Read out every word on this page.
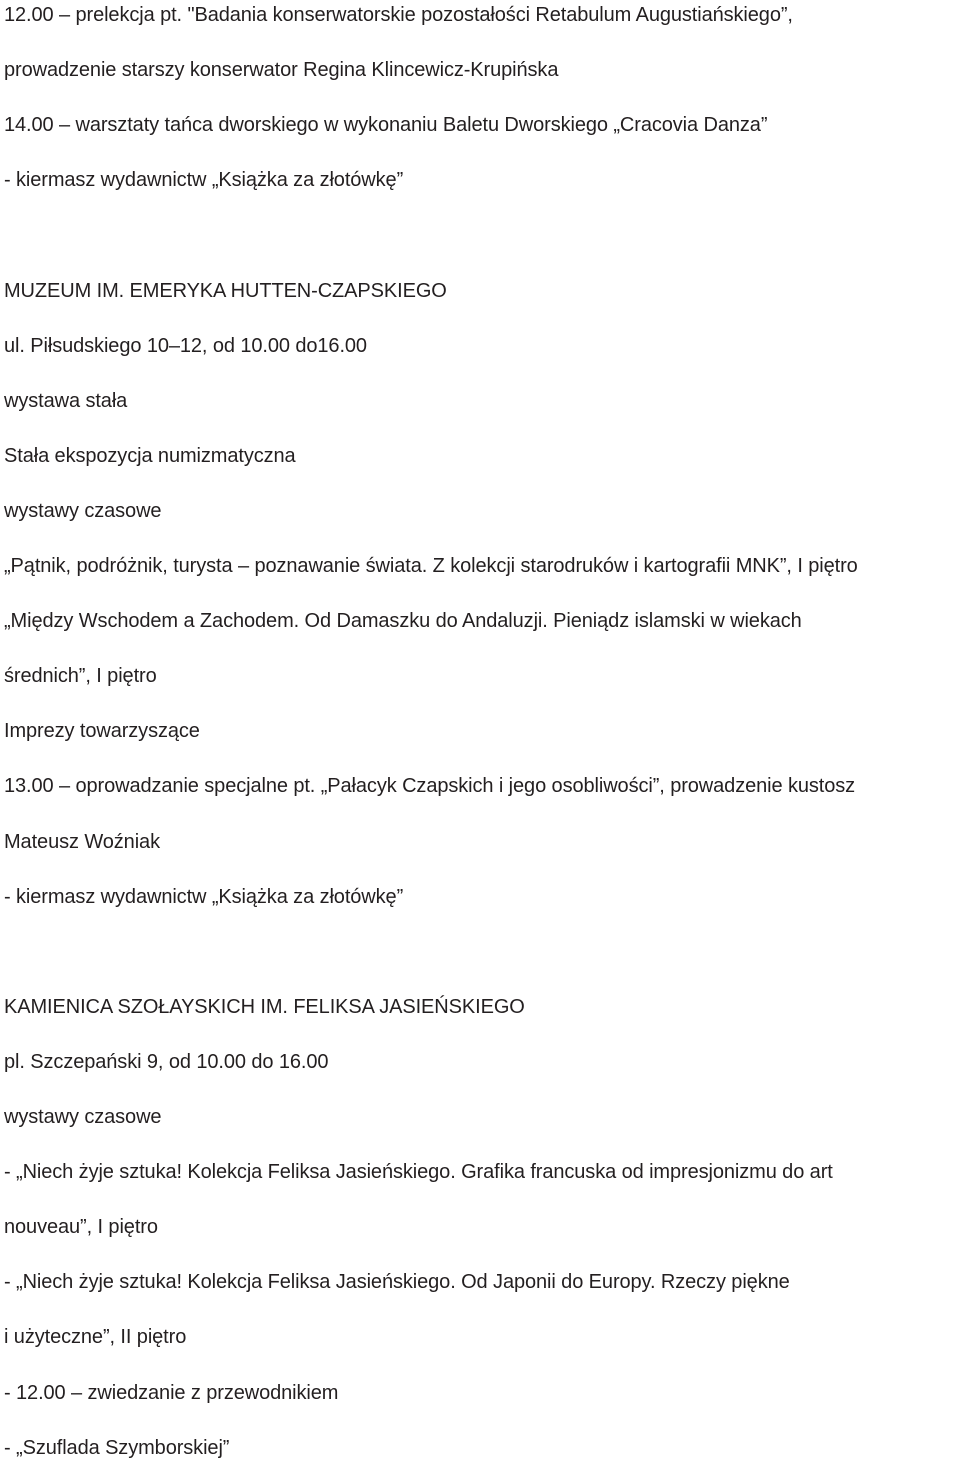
12.00 – prelekcja pt. "Badania konserwatorskie pozostałości Retabulum Augustiańskiego”,
prowadzenie starszy konserwator Regina Klincewicz-Krupińska
14.00 – warsztaty tańca dworskiego w wykonaniu Baletu Dworskiego „Cracovia Danza”
- kiermasz wydawnictw „Książka za złotówkę”
MUZEUM IM. EMERYKA HUTTEN-CZAPSKIEGO
ul. Piłsudskiego 10–12, od 10.00 do16.00
wystawa stała
Stała ekspozycja numizmatyczna
wystawy czasowe
„Pątnik, podróżnik, turysta – poznawanie świata. Z kolekcji starodruków i kartografii MNK”, I piętro
„Między Wschodem a Zachodem. Od Damaszku do Andaluzji. Pieniądz islamski w wiekach
średnich”, I piętro
Imprezy towarzyszące
13.00 – oprowadzanie specjalne pt. „Pałacyk Czapskich i jego osobliwości”, prowadzenie kustosz
Mateusz Woźniak
- kiermasz wydawnictw „Książka za złotówkę”
KAMIENICA SZOŁAYSKICH IM. FELIKSA JASIEŃSKIEGO
pl. Szczepański 9, od 10.00 do 16.00
wystawy czasowe
- „Niech żyje sztuka! Kolekcja Feliksa Jasieńskiego. Grafika francuska od impresjonizmu do art
nouveau”, I piętro
- „Niech żyje sztuka! Kolekcja Feliksa Jasieńskiego. Od Japonii do Europy. Rzeczy piękne
i użyteczne”, II piętro
- 12.00 – zwiedzanie z przewodnikiem
- „Szuflada Szymborskiej”
